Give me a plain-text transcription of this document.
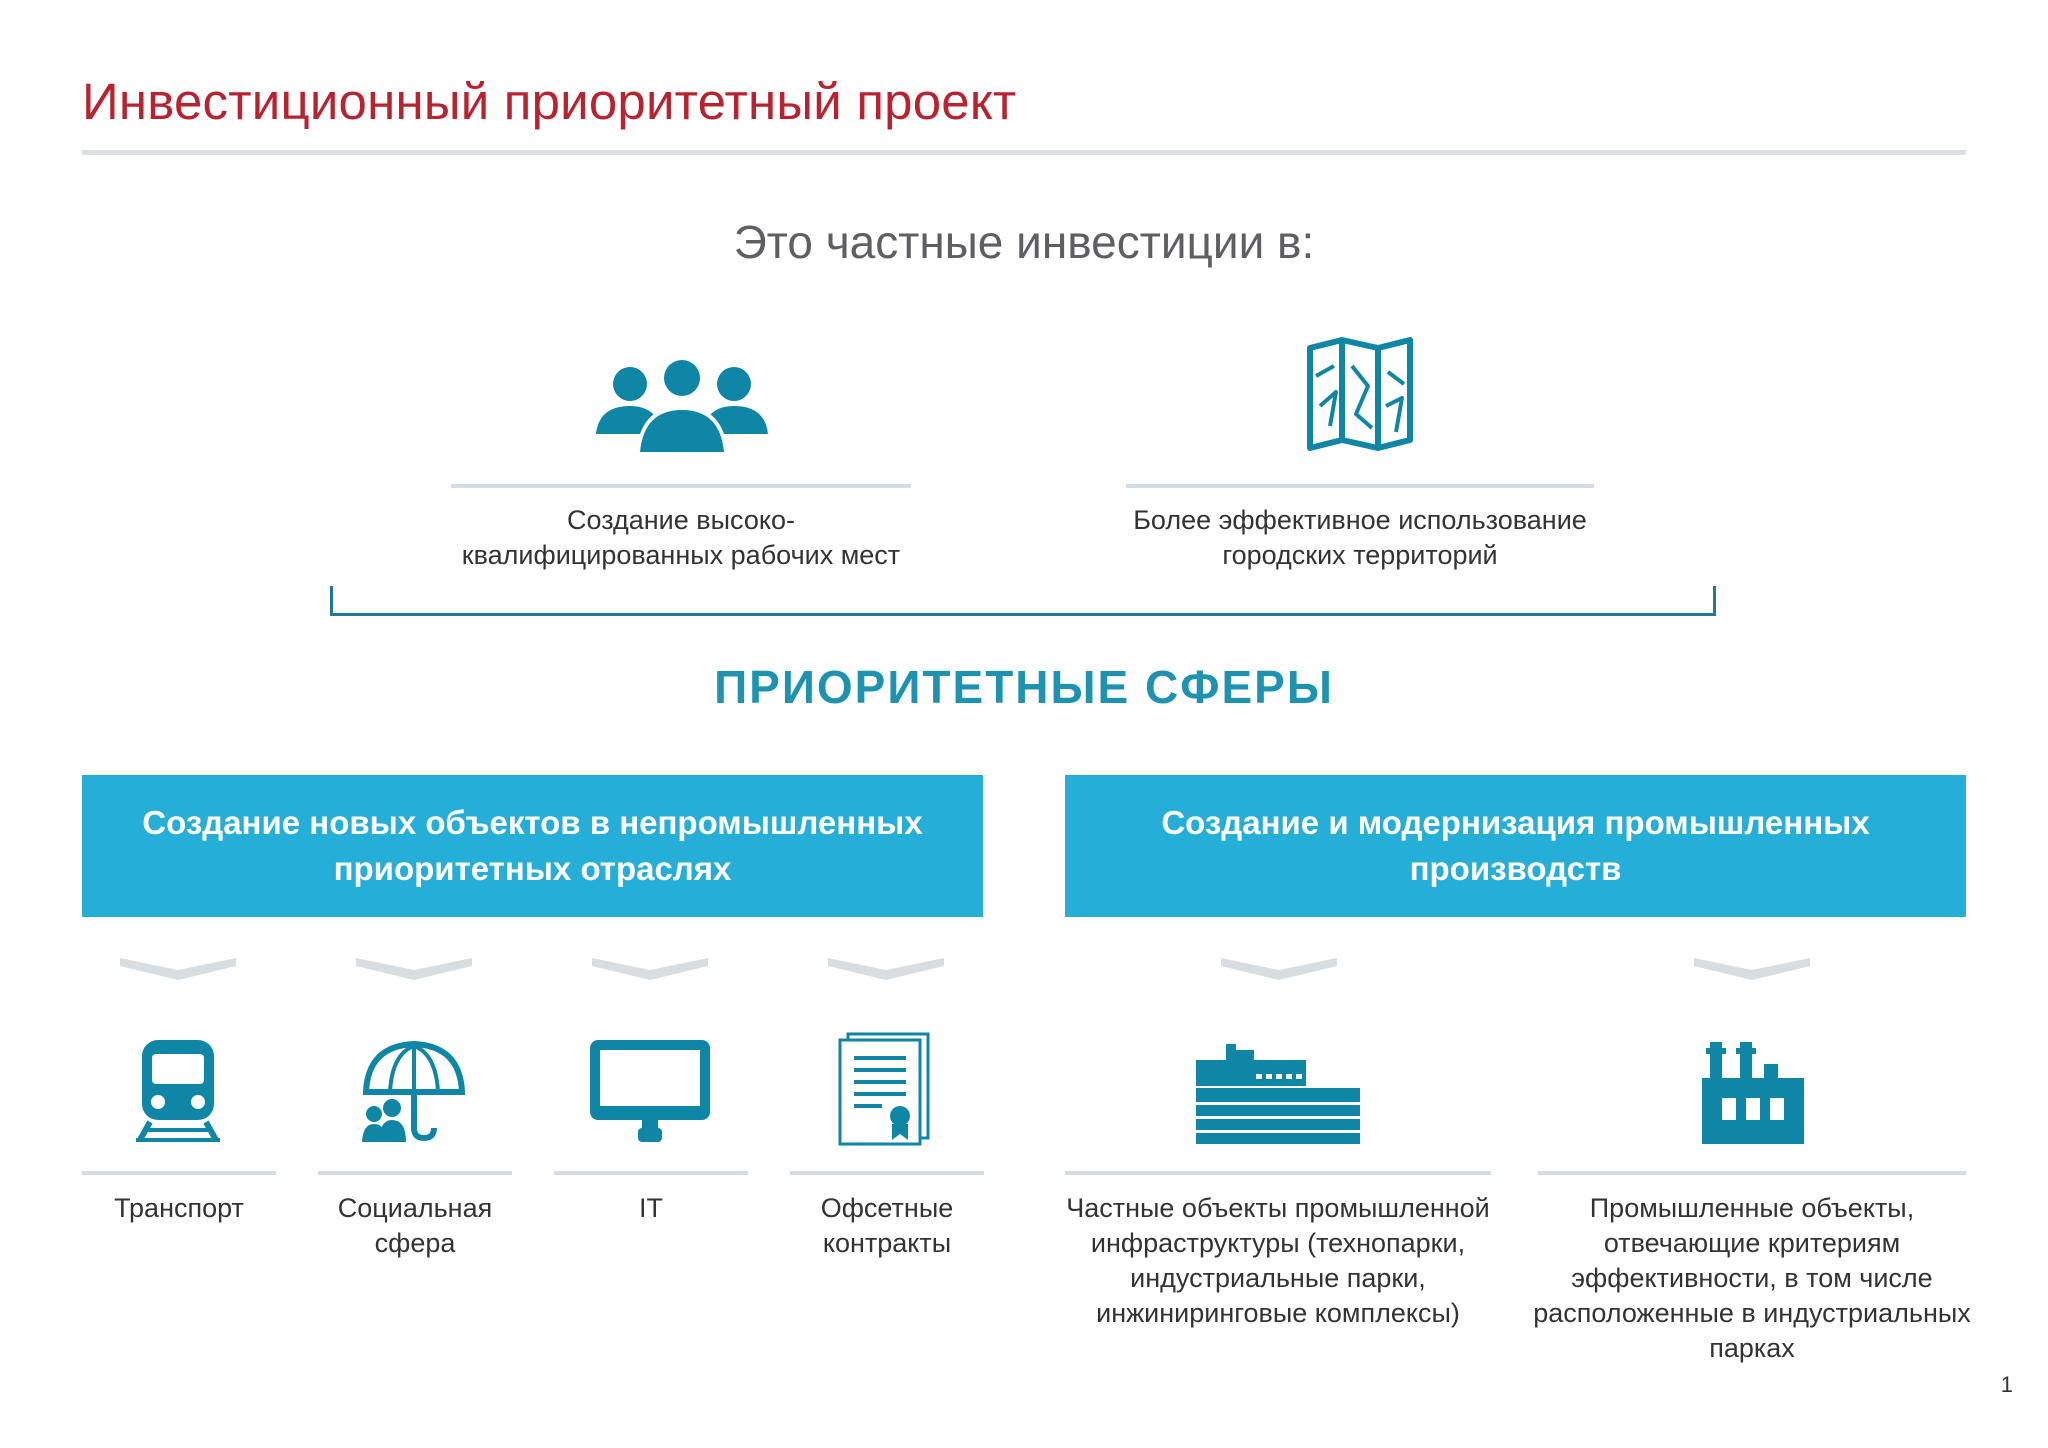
Инвестиционный приоритетный проект
Это частные инвестиции в:
Создание высоко-
квалифицированных рабочих мест
Более эффективное использование
городских территорий
ПРИОРИТЕТНЫЕ СФЕРЫ
Создание новых объектов в непромышленных
приоритетных отраслях
Создание и модернизация промышленных
производств
Транспорт	Социальная
сфера
IT	Офсетные
контракты
Частные объекты промышленной
инфраструктуры (технопарки,
индустриальные парки,
инжиниринговые комплексы)
Промышленные объекты,
отвечающие критериям
эффективности, в том числе
расположенные в индустриальных
парках
1
